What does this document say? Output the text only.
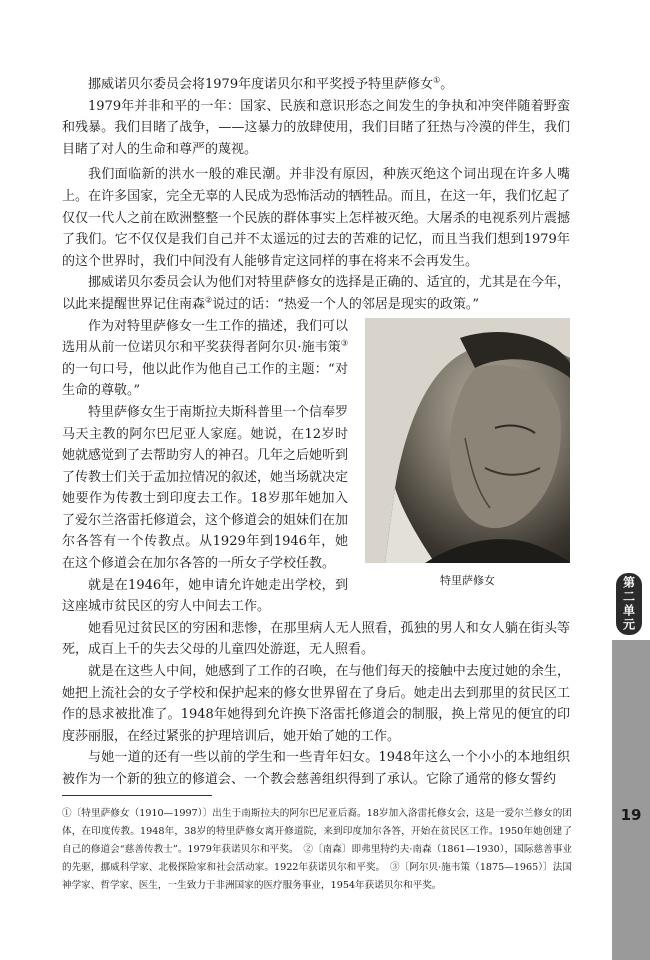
挪威诺贝尔委员会将1979年度诺贝尔和平奖授予特里萨修女①。

1979年并非和平的一年：国家、民族和意识形态之间发生的争执和冲突伴随着野蛮和残暴。我们目睹了战争，——这暴力的放肆使用，我们目睹了狂热与冷漠的伴生，我们目睹了对人的生命和尊严的蔑视。

我们面临新的洪水一般的难民潮。并非没有原因，种族灭绝这个词出现在许多人嘴上。在许多国家，完全无辜的人民成为恐怖活动的牺牲品。而且，在这一年，我们忆起了仅仅一代人之前在欧洲整整一个民族的群体事实上怎样被灭绝。大屠杀的电视系列片震撼了我们。它不仅仅是我们自己并不太遥远的过去的苦难的记忆，而且当我们想到1979年的这个世界时，我们中间没有人能够肯定这同样的事在将来不会再发生。

挪威诺贝尔委员会认为他们对特里萨修女的选择是正确的、适宜的，尤其是在今年，以此来提醒世界记住南森②说过的话：“热爱一个人的邻居是现实的政策。”

特里萨修女

作为对特里萨修女一生工作的描述，我们可以选用从前一位诺贝尔和平奖获得者阿尔贝·施韦策③的一句口号，他以此作为他自己工作的主题：“对生命的尊敬。”

特里萨修女生于南斯拉夫斯科普里一个信奉罗马天主教的阿尔巴尼亚人家庭。她说，在12岁时她就感觉到了去帮助穷人的神召。几年之后她听到了传教士们关于孟加拉情况的叙述，她当场就决定她要作为传教士到印度去工作。18岁那年她加入了爱尔兰洛雷托修道会，这个修道会的姐妹们在加尔各答有一个传教点。从1929年到1946年，她在这个修道会在加尔各答的一所女子学校任教。

就是在1946年，她申请允许她走出学校，到这座城市贫民区的穷人中间去工作。

她看见过贫民区的穷困和悲惨，在那里病人无人照看，孤独的男人和女人躺在街头等死，成百上千的失去父母的儿童四处游逛，无人照看。

就是在这些人中间，她感到了工作的召唤，在与他们每天的接触中去度过她的余生，她把上流社会的女子学校和保护起来的修女世界留在了身后。她走出去到那里的贫民区工作的恳求被批准了。1948年她得到允许换下洛雷托修道会的制服，换上常见的便宜的印度莎丽服，在经过紧张的护理培训后，她开始了她的工作。

与她一道的还有一些以前的学生和一些青年妇女。1948年这么一个小小的本地组织被作为一个新的独立的修道会、一个教会慈善组织得到了承认。它除了通常的修女誓约

①〔特里萨修女（1910—1997）〕出生于南斯拉夫的阿尔巴尼亚后裔。18岁加入洛雷托修女会，这是一爱尔兰修女的团体，在印度传教。1948年，38岁的特里萨修女离开修道院，来到印度加尔各答，开始在贫民区工作。1950年她创建了自己的修道会“慈善传教士”。1979年获诺贝尔和平奖。　②〔南森〕即弗里特约夫·南森（1861—1930），国际慈善事业的先驱，挪威科学家、北极探险家和社会活动家。1922年获诺贝尔和平奖。　③〔阿尔贝·施韦策（1875—1965）〕法国神学家、哲学家、医生，一生致力于非洲国家的医疗服务事业，1954年获诺贝尔和平奖。

第二单元
19
